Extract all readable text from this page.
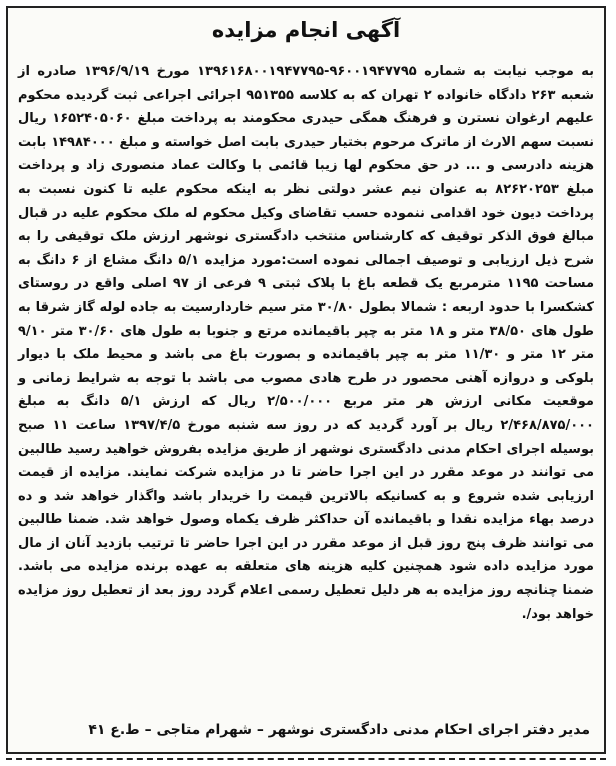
آگهی انجام مزایده
به موجب نیابت به شماره ۹۶۰۰۱۹۴۷۷۹۵-۱۳۹۶۱۶۸۰۰۱۹۴۷۷۹۵ مورخ ۱۳۹۶/۹/۱۹ صادره از شعبه ۲۶۳ دادگاه خانواده ۲ تهران که به کلاسه ۹۵۱۳۵۵ اجرائی اجراعی ثبت گردیده محکوم علیهم ارغوان نسترن و فرهنگ همگی حیدری محکومند به پرداخت مبلغ ۱۶۵۲۴۰۵۰۶۰ ریال نسبت سهم الارث از ماترک مرحوم بختیار حیدری بابت اصل خواسته و مبلغ ۱۴۹۸۴۰۰۰ بابت هزینه دادرسی و ... در حق محکوم لها زیبا قائمی با وکالت عماد منصوری زاد و پرداخت مبلغ ۸۲۶۲۰۲۵۳ به عنوان نیم عشر دولتی نظر به اینکه محکوم علیه تا کنون نسبت به پرداخت دیون خود اقدامی ننموده حسب تقاضای وکیل محکوم له ملک محکوم علیه در قبال مبالغ فوق الذکر توقیف که کارشناس منتخب دادگستری نوشهر ارزش ملک توقیفی را به شرح ذیل ارزیابی و توصیف اجمالی نموده است:مورد مزایده ۵/۱ دانگ مشاع از ۶ دانگ به مساحت ۱۱۹۵ مترمربع یک قطعه باغ با پلاک ثبتی ۹ فرعی از ۹۷ اصلی واقع در روستای کشکسرا با حدود اربعه : شمالا بطول ۳۰/۸۰ متر سیم خاردارسیت به جاده لوله گاز شرقا به طول های ۳۸/۵۰ متر و ۱۸ متر به چپر باقیمانده مرتع و جنوبا به طول های ۳۰/۶۰ متر ۹/۱۰ متر ۱۲ متر و ۱۱/۳۰ متر به چپر باقیمانده و بصورت باغ می باشد و محیط ملک با دیوار بلوکی و دروازه آهنی محصور در طرح هادی مصوب می باشد با توجه به شرایط زمانی و موقعیت مکانی ارزش هر متر مربع ۲/۵۰۰/۰۰۰ ریال که ارزش ۵/۱ دانگ به مبلغ ۲/۴۶۸/۸۷۵/۰۰۰ ریال بر آورد گردید که در روز سه شنبه مورخ ۱۳۹۷/۴/۵ ساعت ۱۱ صبح بوسیله اجرای احکام مدنی دادگستری نوشهر از طریق مزایده بفروش خواهید رسید طالبین می توانند در موعد مقرر در این اجرا حاضر تا در مزایده شرکت نمایند. مزایده از قیمت ارزیابی شده شروع و به کسانیکه بالاترین قیمت را خریدار باشد واگذار خواهد شد و ده درصد بهاء مزایده نقدا و باقیمانده آن حداکثر ظرف یکماه وصول خواهد شد. ضمنا طالبین می توانند ظرف پنج روز قبل از موعد مقرر در این اجرا حاضر تا ترتیب بازدید آنان از مال مورد مزایده داده شود همچنین کلیه هزینه های متعلقه به عهده برنده مزایده می باشد. ضمنا چنانچه روز مزایده به هر دلیل تعطیل رسمی اعلام گردد روز بعد از تعطیل روز مزایده خواهد بود/.
مدیر دفتر اجرای احکام مدنی دادگستری نوشهر – شهرام متاجی – ط.ع ۴۱
